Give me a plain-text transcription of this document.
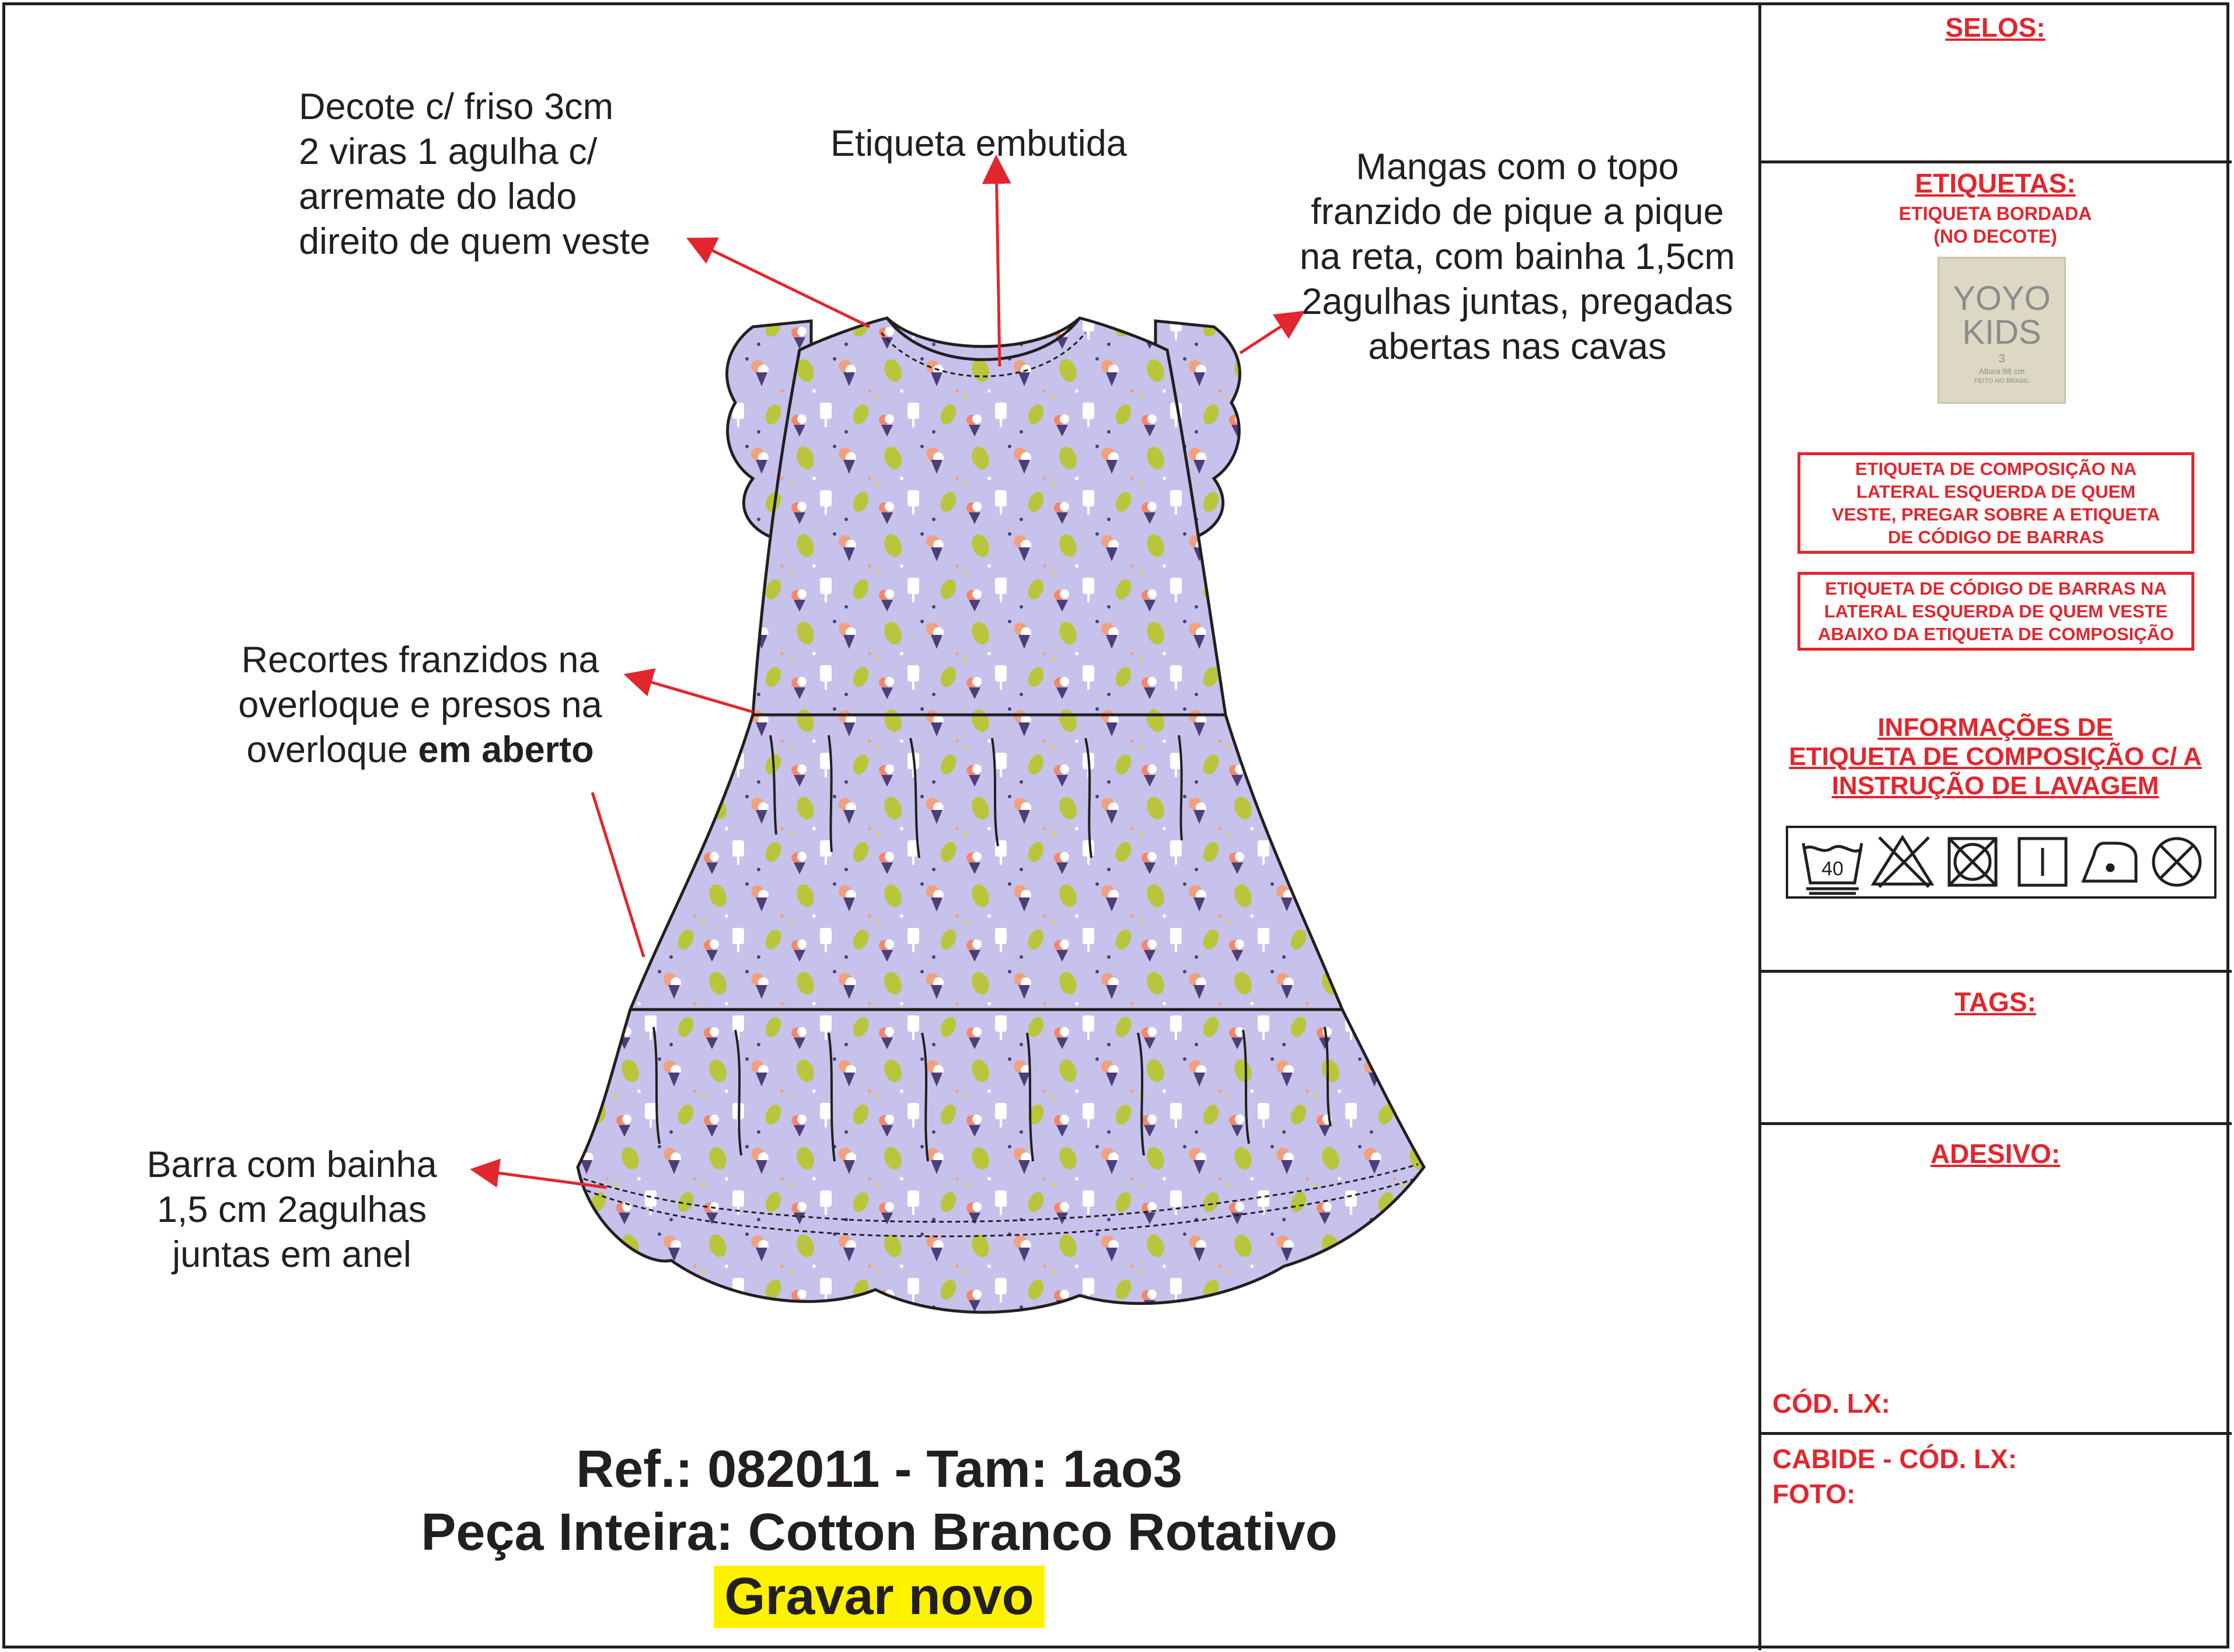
Decote c/ friso 3cm
2 viras 1 agulha c/
arremate do lado
direito de quem veste
Etiqueta embutida
Mangas com o topo
franzido de pique a pique
na reta, com bainha 1,5cm
2agulhas juntas, pregadas
abertas nas cavas
Recortes franzidos na
overloque e presos na
overloque em aberto
Barra com bainha
1,5 cm 2agulhas
juntas em anel
Ref.: 082011 - Tam: 1ao3
Peça Inteira: Cotton Branco Rotativo
Gravar novo
SELOS:
ETIQUETAS:
ETIQUETA BORDADA
(NO DECOTE)
YOYO
KIDS
3
Altura 98 cm
FEITO NO BRASIL
ETIQUETA DE COMPOSIÇÃO NA
LATERAL ESQUERDA DE QUEM
VESTE, PREGAR SOBRE A ETIQUETA
DE CÓDIGO DE BARRAS
ETIQUETA DE CÓDIGO DE BARRAS NA
LATERAL ESQUERDA DE QUEM VESTE
ABAIXO DA ETIQUETA DE COMPOSIÇÃO
INFORMAÇÕES DE
ETIQUETA DE COMPOSIÇÃO C/ A
INSTRUÇÃO DE LAVAGEM
40
TAGS:
ADESIVO:
CÓD. LX:
CABIDE - CÓD. LX:
FOTO:
